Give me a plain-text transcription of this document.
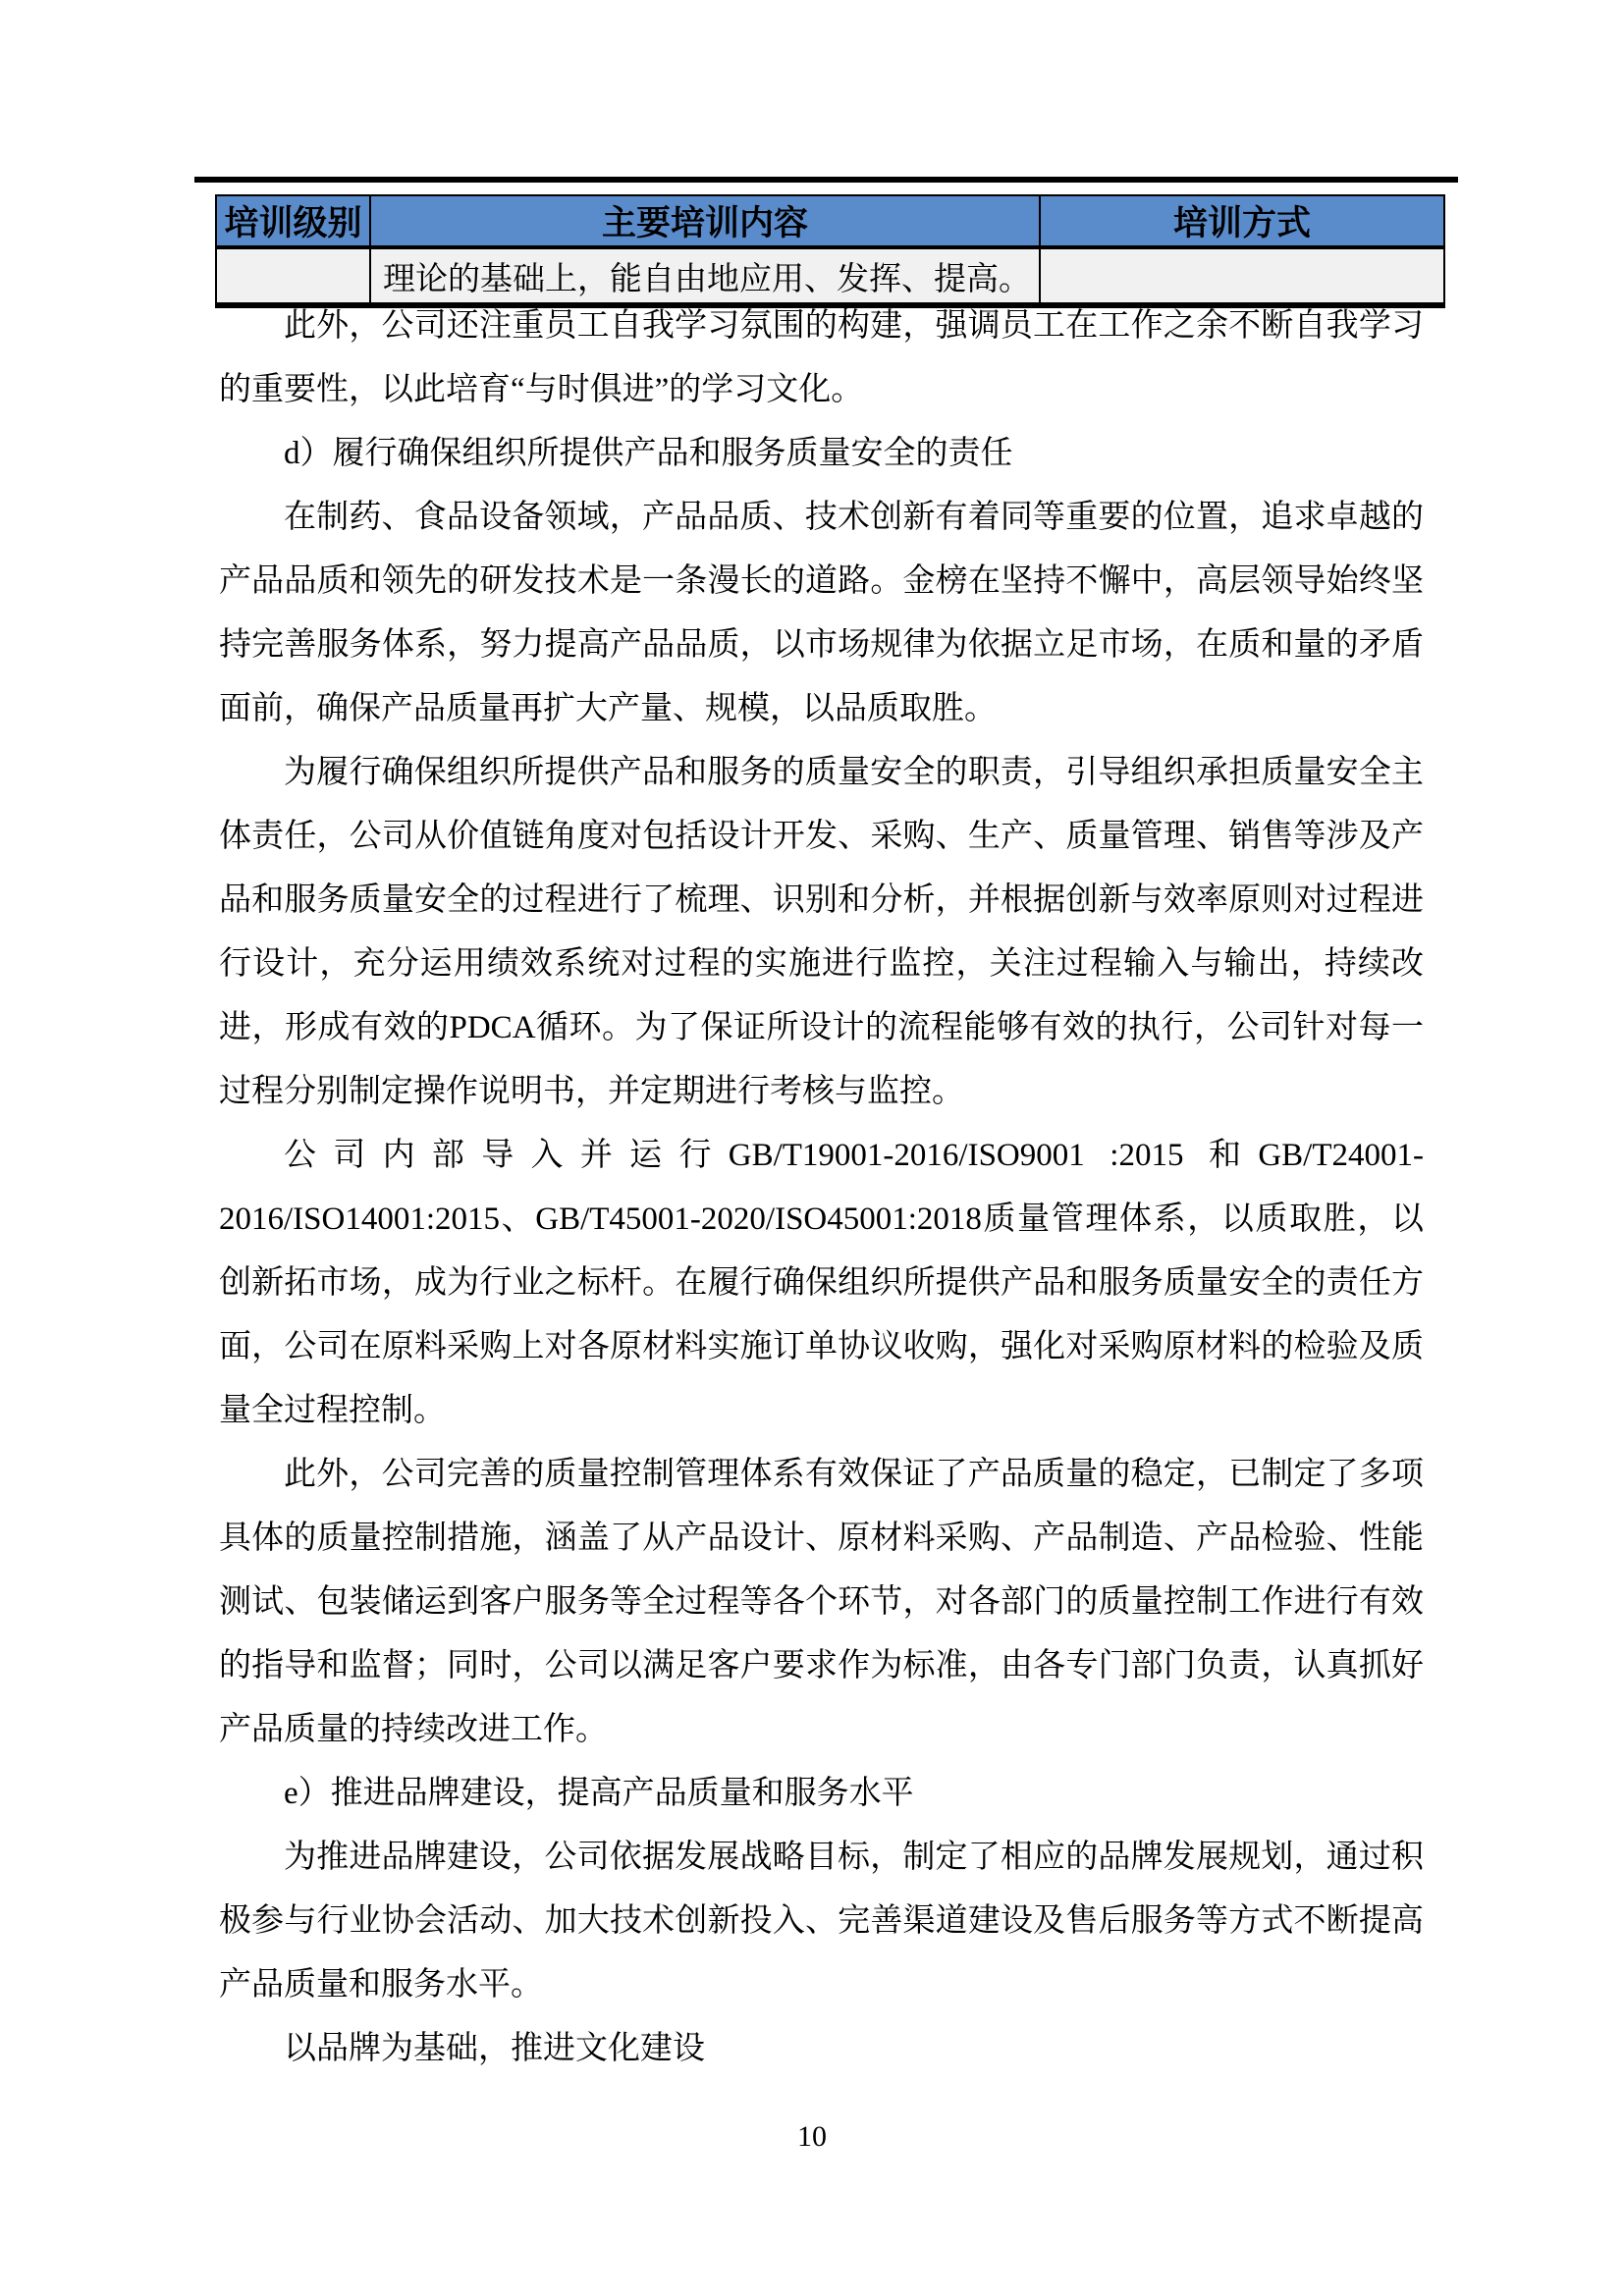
培训级别	主要培训内容	培训方式
	理论的基础上，能自由地应用、发挥、提高。	

此外，公司还注重员工自我学习氛围的构建，强调员工在工作之余不断自我学习的重要性，以此培育“与时俱进”的学习文化。

d）履行确保组织所提供产品和服务质量安全的责任

在制药、食品设备领域，产品品质、技术创新有着同等重要的位置，追求卓越的产品品质和领先的研发技术是一条漫长的道路。金榜在坚持不懈中，高层领导始终坚持完善服务体系，努力提高产品品质，以市场规律为依据立足市场，在质和量的矛盾面前，确保产品质量再扩大产量、规模，以品质取胜。

为履行确保组织所提供产品和服务的质量安全的职责，引导组织承担质量安全主体责任，公司从价值链角度对包括设计开发、采购、生产、质量管理、销售等涉及产品和服务质量安全的过程进行了梳理、识别和分析，并根据创新与效率原则对过程进行设计，充分运用绩效系统对过程的实施进行监控，关注过程输入与输出，持续改进，形成有效的PDCA循环。为了保证所设计的流程能够有效的执行，公司针对每一过程分别制定操作说明书，并定期进行考核与监控。

公司内部导入并运行GB/T19001-2016/ISO9001 :2015 和GB/T24001-2016/ISO14001:2015、GB/T45001-2020/ISO45001:2018质量管理体系，以质取胜，以创新拓市场，成为行业之标杆。在履行确保组织所提供产品和服务质量安全的责任方面，公司在原料采购上对各原材料实施订单协议收购，强化对采购原材料的检验及质量全过程控制。

此外，公司完善的质量控制管理体系有效保证了产品质量的稳定，已制定了多项具体的质量控制措施，涵盖了从产品设计、原材料采购、产品制造、产品检验、性能测试、包装储运到客户服务等全过程等各个环节，对各部门的质量控制工作进行有效的指导和监督；同时，公司以满足客户要求作为标准，由各专门部门负责，认真抓好产品质量的持续改进工作。

e）推进品牌建设，提高产品质量和服务水平

为推进品牌建设，公司依据发展战略目标，制定了相应的品牌发展规划，通过积极参与行业协会活动、加大技术创新投入、完善渠道建设及售后服务等方式不断提高产品质量和服务水平。

以品牌为基础，推进文化建设

10
